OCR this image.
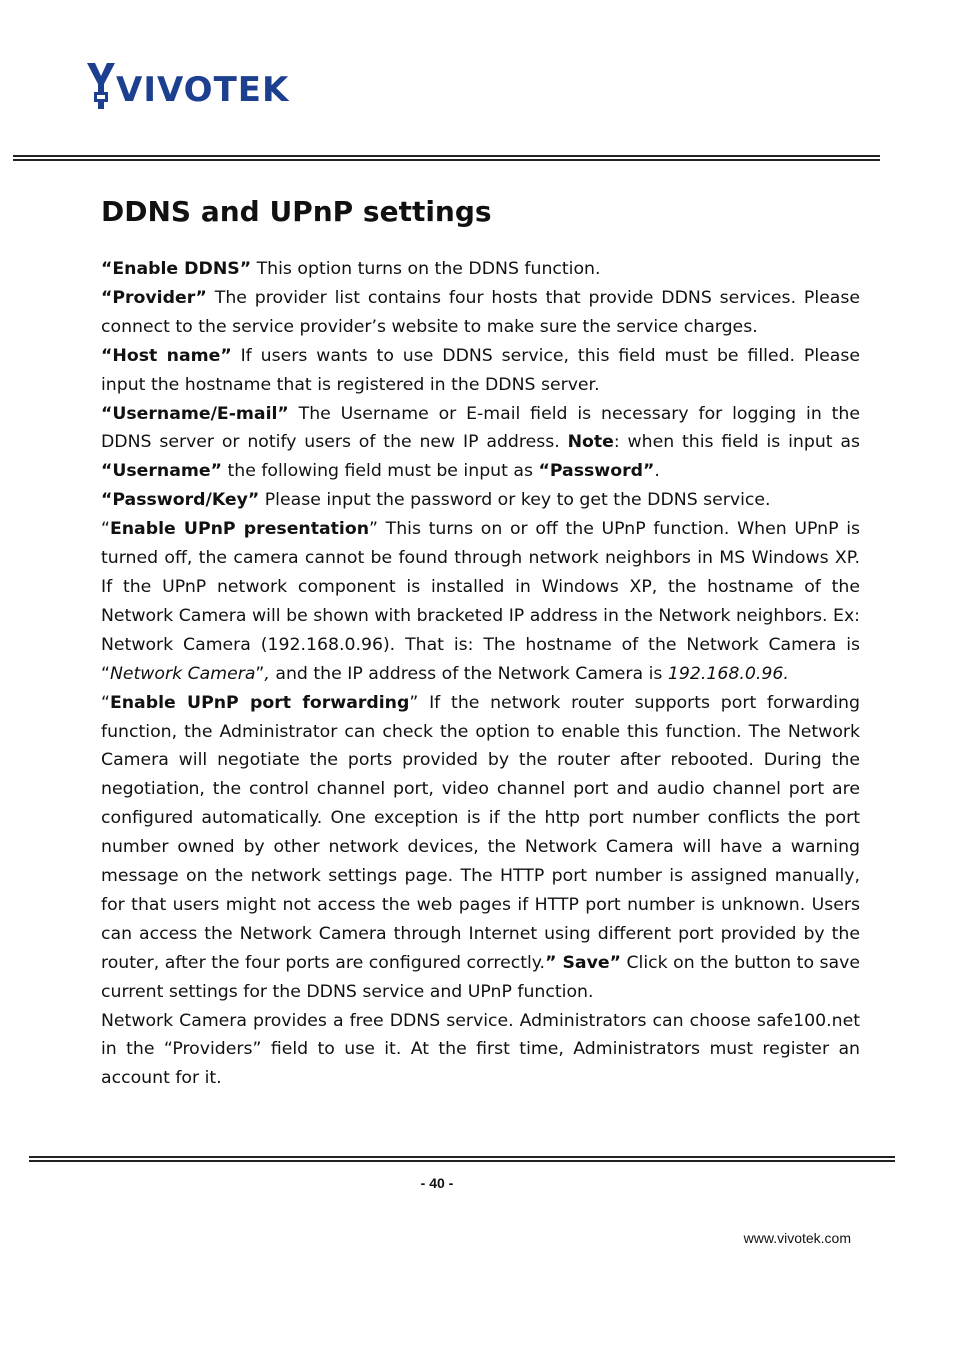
VIVOTEK
DDNS and UPnP settings

“Enable DDNS” This option turns on the DDNS function.

“Provider” The provider list contains four hosts that provide DDNS services. Please connect to the service provider’s website to make sure the service charges.

“Host name” If users wants to use DDNS service, this field must be filled. Please input the hostname that is registered in the DDNS server.

“Username/E-mail” The Username or E-mail field is necessary for logging in the DDNS server or notify users of the new IP address. Note: when this field is input as “Username” the following field must be input as “Password”.

“Password/Key” Please input the password or key to get the DDNS service.

“Enable UPnP presentation” This turns on or off the UPnP function. When UPnP is turned off, the camera cannot be found through network neighbors in MS Windows XP. If the UPnP network component is installed in Windows XP, the hostname of the Network Camera will be shown with bracketed IP address in the Network neighbors. Ex: Network Camera (192.168.0.96). That is: The hostname of the Network Camera is “Network Camera”, and the IP address of the Network Camera is 192.168.0.96.

“Enable UPnP port forwarding” If the network router supports port forwarding function, the Administrator can check the option to enable this function. The Network Camera will negotiate the ports provided by the router after rebooted. During the negotiation, the control channel port, video channel port and audio channel port are configured automatically. One exception is if the http port number conflicts the port number owned by other network devices, the Network Camera will have a warning message on the network settings page. The HTTP port number is assigned manually, for that users might not access the web pages if HTTP port number is unknown. Users can access the Network Camera through Internet using different port provided by the router, after the four ports are configured correctly.” Save” Click on the button to save current settings for the DDNS service and UPnP function.

Network Camera provides a free DDNS service. Administrators can choose safe100.net in the “Providers” field to use it. At the first time, Administrators must register an account for it.

- 40 -
www.vivotek.com
